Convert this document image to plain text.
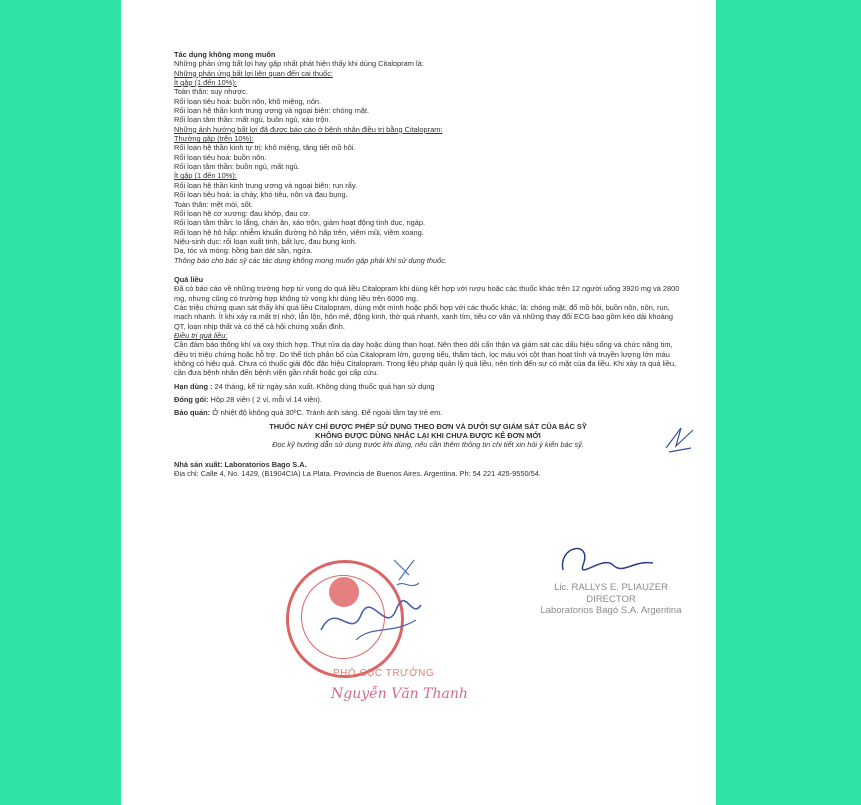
Tác dụng không mong muốn
Những phản ứng bất lợi hay gặp nhất phát hiện thấy khi dùng Citalopram là:
Những phản ứng bất lợi liên quan đến cai thuốc:
Ít gặp (1 đến 10%):
Toàn thân: suy nhược.
Rối loạn tiêu hoá: buồn nôn, khô miệng, nôn.
Rối loạn hệ thần kinh trung ương và ngoại biên: chóng mặt.
Rối loạn tâm thần: mất ngủ, buồn ngủ, xáo trộn.
Những ảnh hưởng bất lợi đã được báo cáo ở bệnh nhân điều trị bằng Citalopram:
Thường gặp (trên 10%):
Rối loạn hệ thần kinh tự trị: khô miệng, tăng tiết mồ hôi.
Rối loạn tiêu hoá: buồn nôn.
Rối loạn tâm thần: buồn ngủ, mất ngủ.
Ít gặp (1 đến 10%):
Rối loạn hệ thần kinh trung ương và ngoại biên: run rẩy.
Rối loạn tiêu hoá: ỉa chảy, khó tiêu, nôn và đau bụng.
Toàn thân: mệt mỏi, sốt.
Rối loạn hệ cơ xương: đau khớp, đau cơ.
Rối loạn tâm thần: lo lắng, chán ăn, xáo trộn, giảm hoạt động tình dục, ngáp.
Rối loạn hệ hô hấp: nhiễm khuẩn đường hô hấp trên, viêm mũi, viêm xoang.
Niệu-sinh dục: rối loạn xuất tinh, bất lực, đau bụng kinh.
Da, tóc và móng: hồng ban dát sần, ngứa.
Thông báo cho bác sỹ các tác dụng không mong muốn gặp phải khi sử dụng thuốc.
Quá liều
Đã có báo cáo về những trường hợp tử vong do quá liều Citalopram khi dùng kết hợp với rượu hoặc các thuốc khác trên 12 người uống 3920 mg và 2800 mg, nhưng cũng có trường hợp không tử vong khi dùng liều trên 6000 mg.
Các triệu chứng quan sát thấy khi quá liều Citalopram, dùng một mình hoặc phối hợp với các thuốc khác, là: chóng mặt, đổ mồ hôi, buồn nôn, nôn, run, mạch nhanh. Ít khi xảy ra mất trí nhớ, lẫn lộn, hôn mê, động kinh, thở quá nhanh, xanh tím, tiêu cơ vân và những thay đổi ECG bao gồm kéo dài khoảng QT, loạn nhịp thất và có thể cả hội chứng xoắn đỉnh.
Điều trị quá liều:
Cần đảm bảo thông khí và oxy thích hợp. Thụt rửa dạ dày hoặc dùng than hoạt. Nên theo dõi cẩn thận và giám sát các dấu hiệu sống và chức năng tim, điều trị triệu chứng hoặc hỗ trợ. Do thể tích phân bố của Citalopram lớn, gượng tiểu, thẩm tách, lọc máu với cột than hoạt tính và truyền lượng lớn máu không có hiệu quả. Chưa có thuốc giải độc đặc hiệu Citalopram. Trong liệu pháp quản lý quá liều, nên tính đến sự có mặt của đa liều. Khi xảy ra quá liều, cần đưa bệnh nhân đến bệnh viện gần nhất hoặc gọi cấp cứu.
Hạn dùng : 24 tháng, kể từ ngày sản xuất. Không dùng thuốc quá hạn sử dụng
Đóng gói: Hộp 28 viên ( 2 vỉ, mỗi vỉ 14 viên).
Bảo quản: Ở nhiệt độ không quá 30ºC. Tránh ánh sáng. Để ngoài tầm tay trẻ em.
THUỐC NÀY CHỈ ĐƯỢC PHÉP SỬ DỤNG THEO ĐƠN VÀ DƯỚI SỰ GIÁM SÁT CỦA BÁC SỸ
KHÔNG ĐƯỢC DÙNG NHẮC LẠI KHI CHƯA ĐƯỢC KÊ ĐƠN MỚI
Đọc kỹ hướng dẫn sử dụng trước khi dùng, nếu cần thêm thông tin chi tiết xin hỏi ý kiến bác sỹ.
Nhà sản xuất: Laboratorios Bago S.A.
Địa chỉ: Calle 4, No. 1429, (B1904CIA) La Plata. Provincia de Buenos Aires. Argentina. Ph: 54 221 425-9550/54.
PHÓ CỤC TRƯỞNG
Nguyễn Văn Thanh
Lic. RALLYS E. PLIAUZER
DIRECTOR
Laboratorios Bagó S.A. Argentina
